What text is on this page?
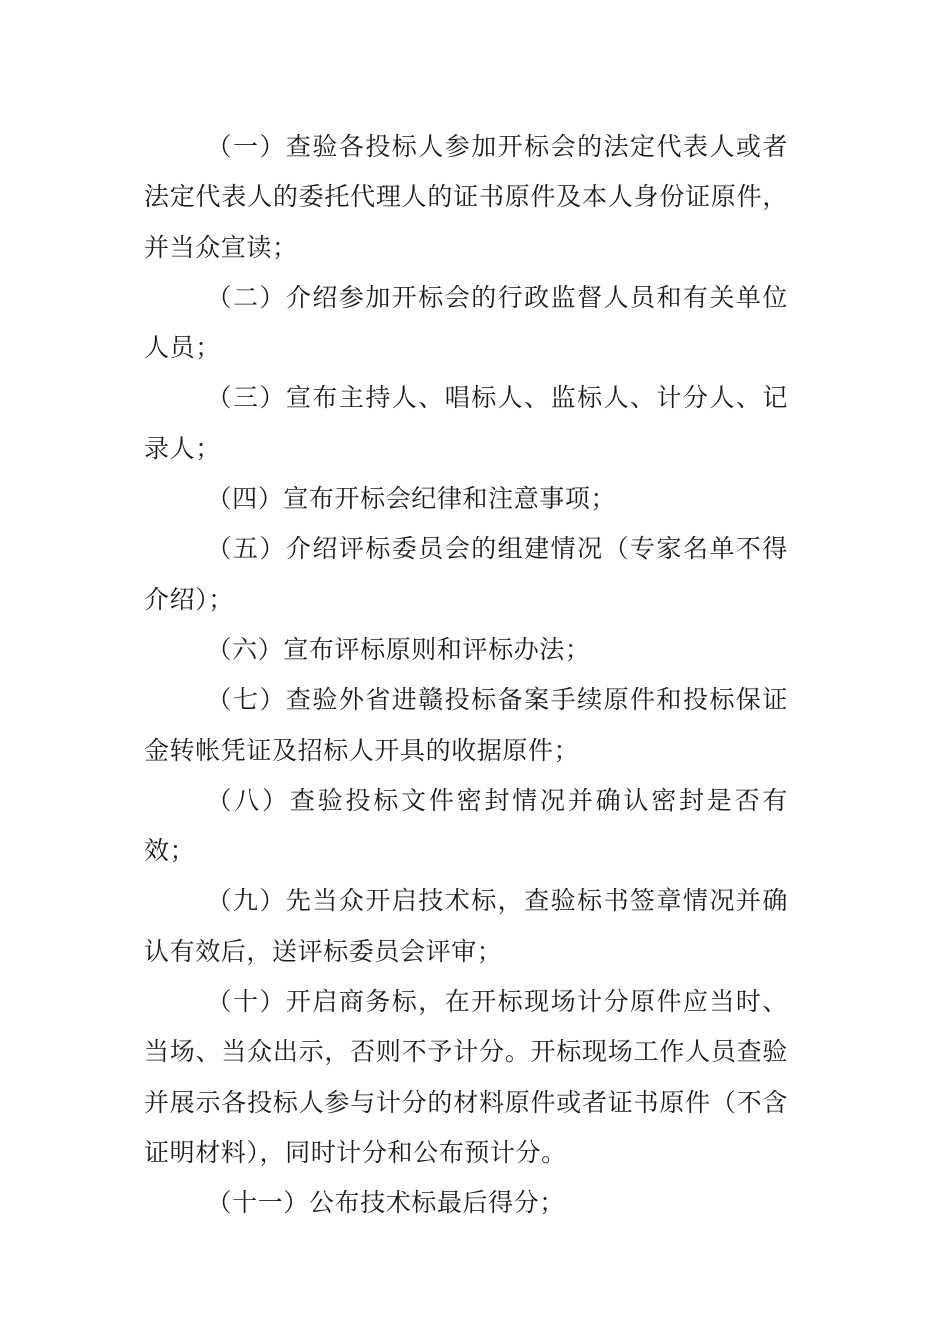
（一）查验各投标人参加开标会的法定代表人或者法定代表人的委托代理人的证书原件及本人身份证原件，并当众宣读；

（二）介绍参加开标会的行政监督人员和有关单位人员；

（三）宣布主持人、唱标人、监标人、计分人、记录人；

（四）宣布开标会纪律和注意事项；

（五）介绍评标委员会的组建情况（专家名单不得介绍）；

（六）宣布评标原则和评标办法；

（七）查验外省进赣投标备案手续原件和投标保证金转帐凭证及招标人开具的收据原件；

（八）查验投标文件密封情况并确认密封是否有效；

（九）先当众开启技术标，查验标书签章情况并确认有效后，送评标委员会评审；

（十）开启商务标，在开标现场计分原件应当时、当场、当众出示，否则不予计分。开标现场工作人员查验并展示各投标人参与计分的材料原件或者证书原件（不含证明材料），同时计分和公布预计分。

（十一）公布技术标最后得分；
